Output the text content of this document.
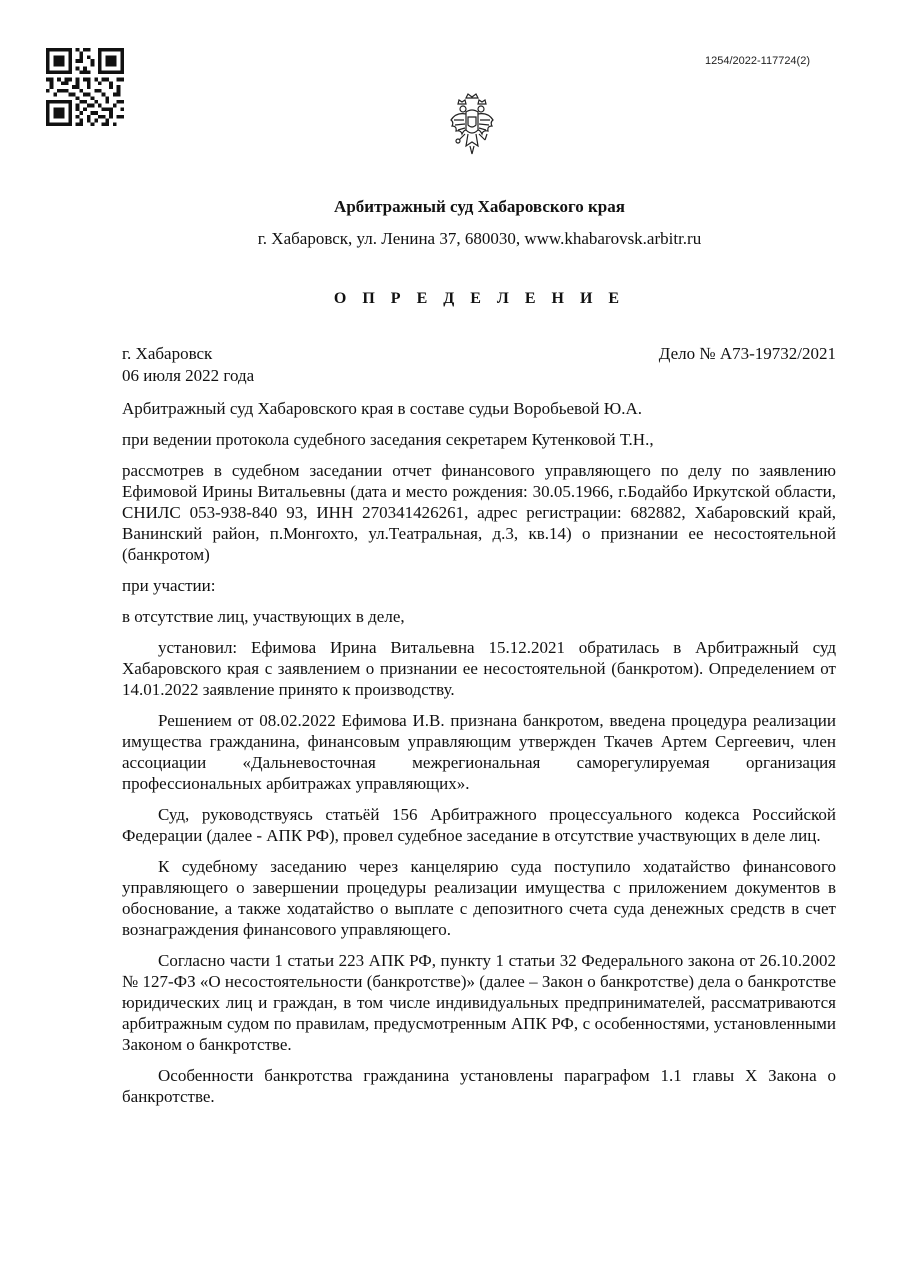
1254/2022-117724(2)
Арбитражный суд Хабаровского края
г. Хабаровск, ул. Ленина 37, 680030, www.khabarovsk.arbitr.ru
О П Р Е Д Е Л Е Н И Е
г. Хабаровск	Дело № А73-19732/2021
06 июля 2022 года

Арбитражный суд Хабаровского края в составе судьи Воробьевой Ю.А.

при ведении протокола судебного заседания секретарем Кутенковой Т.Н.,

рассмотрев в судебном заседании отчет финансового управляющего по делу по заявлению Ефимовой Ирины Витальевны (дата и место рождения: 30.05.1966, г.Бодайбо Иркутской области, СНИЛС 053-938-840 93, ИНН 270341426261, адрес регистрации: 682882, Хабаровский край, Ванинский район, п.Монгохто, ул.Театральная, д.3, кв.14) о признании ее несостоятельной (банкротом)

при участии:

в отсутствие лиц, участвующих в деле,

установил: Ефимова Ирина Витальевна 15.12.2021 обратилась в Арбитражный суд Хабаровского края с заявлением о признании ее несостоятельной (банкротом). Определением от 14.01.2022 заявление принято к производству.

Решением от 08.02.2022 Ефимова И.В. признана банкротом, введена процедура реализации имущества гражданина, финансовым управляющим утвержден Ткачев Артем Сергеевич, член ассоциации «Дальневосточная межрегиональная саморегулируемая организация профессиональных арбитражах управляющих».

Суд, руководствуясь статьёй 156 Арбитражного процессуального кодекса Российской Федерации (далее - АПК РФ), провел судебное заседание в отсутствие участвующих в деле лиц.

К судебному заседанию через канцелярию суда поступило ходатайство финансового управляющего о завершении процедуры реализации имущества с приложением документов в обоснование, а также ходатайство о выплате с депозитного счета суда денежных средств в счет вознаграждения финансового управляющего.

Согласно части 1 статьи 223 АПК РФ, пункту 1 статьи 32 Федерального закона от 26.10.2002 № 127-ФЗ «О несостоятельности (банкротстве)» (далее – Закон о банкротстве) дела о банкротстве юридических лиц и граждан, в том числе индивидуальных предпринимателей, рассматриваются арбитражным судом по правилам, предусмотренным АПК РФ, с особенностями, установленными Законом о банкротстве.

Особенности банкротства гражданина установлены параграфом 1.1 главы X Закона о банкротстве.
